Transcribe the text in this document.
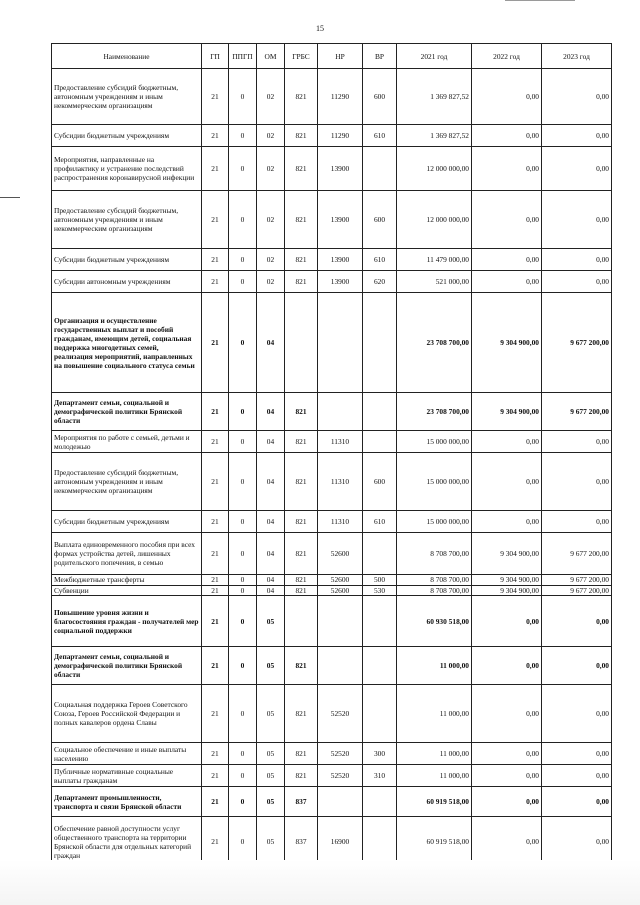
15
Наименование	ГП	ППГП	ОМ	ГРБС	НР	ВР	2021 год	2022 год	2023 год
Предоставление субсидий бюджетным, автономным учреждениям и иным некоммерческим организациям	21	0	02	821	11290	600	1 369 827,52	0,00	0,00
Субсидии бюджетным учреждениям	21	0	02	821	11290	610	1 369 827,52	0,00	0,00
Мероприятия, направленные на профилактику и устранение последствий распространения коронавирусной инфекции	21	0	02	821	13900		12 000 000,00	0,00	0,00
Предоставление субсидий бюджетным, автономным учреждениям и иным некоммерческим организациям	21	0	02	821	13900	600	12 000 000,00	0,00	0,00
Субсидии бюджетным учреждениям	21	0	02	821	13900	610	11 479 000,00	0,00	0,00
Субсидии автономным учреждениям	21	0	02	821	13900	620	521 000,00	0,00	0,00
Организация и осуществление государственных выплат и пособий гражданам, имеющим детей, социальная поддержка многодетных семей, реализация мероприятий, направленных на повышение социального статуса семьи	21	0	04				23 708 700,00	9 304 900,00	9 677 200,00
Департамент семьи, социальной и демографической политики Брянской области	21	0	04	821			23 708 700,00	9 304 900,00	9 677 200,00
Мероприятия по работе с семьей, детьми и молодежью	21	0	04	821	11310		15 000 000,00	0,00	0,00
Предоставление субсидий бюджетным, автономным учреждениям и иным некоммерческим организациям	21	0	04	821	11310	600	15 000 000,00	0,00	0,00
Субсидии бюджетным учреждениям	21	0	04	821	11310	610	15 000 000,00	0,00	0,00
Выплата единовременного пособия при всех формах устройства детей, лишенных родительского попечения, в семью	21	0	04	821	52600		8 708 700,00	9 304 900,00	9 677 200,00
Межбюджетные трансферты	21	0	04	821	52600	500	8 708 700,00	9 304 900,00	9 677 200,00
Субвенции	21	0	04	821	52600	530	8 708 700,00	9 304 900,00	9 677 200,00
Повышение уровня жизни и благосостояния граждан - получателей мер социальной поддержки	21	0	05				60 930 518,00	0,00	0,00
Департамент семьи, социальной и демографической политики Брянской области	21	0	05	821			11 000,00	0,00	0,00
Социальная поддержка Героев Советского Союза, Героев Российской Федерации и полных кавалеров ордена Славы	21	0	05	821	52520		11 000,00	0,00	0,00
Социальное обеспечение и иные выплаты населению	21	0	05	821	52520	300	11 000,00	0,00	0,00
Публичные нормативные социальные выплаты гражданам	21	0	05	821	52520	310	11 000,00	0,00	0,00
Департамент промышленности, транспорта и связи Брянской области	21	0	05	837			60 919 518,00	0,00	0,00
Обеспечение равной доступности услуг общественного транспорта на территории Брянской области для отдельных категорий граждан	21	0	05	837	16900		60 919 518,00	0,00	0,00
